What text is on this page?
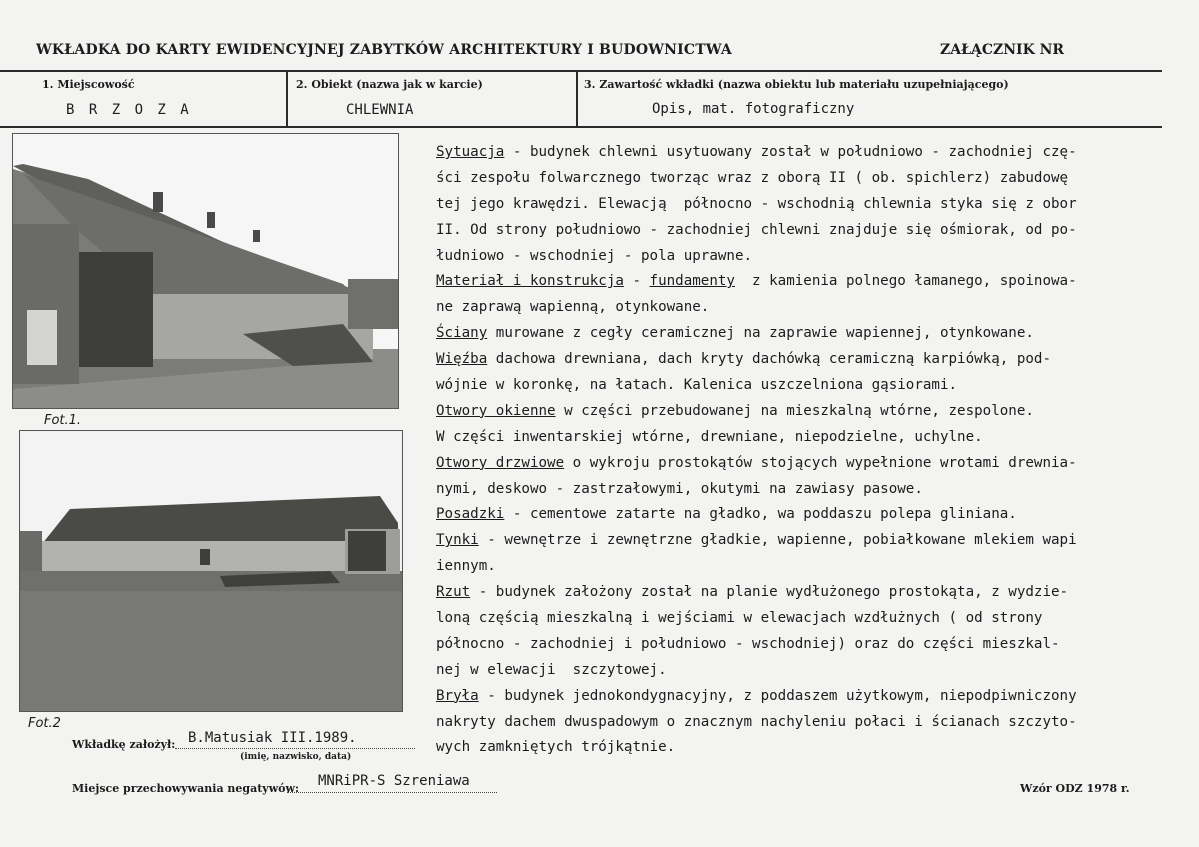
WKŁADKA DO KARTY EWIDENCYJNEJ ZABYTKÓW ARCHITEKTURY I BUDOWNICTWA	ZAŁĄCZNIK NR
1. Miejscowość
B R Z O Z A
2. Obiekt (nazwa jak w karcie)
CHLEWNIA
3. Zawartość wkładki (nazwa obiektu lub materiału uzupełniającego)
Opis, mat. fotograficzny
Fot.1.
Fot.2
Sytuacja - budynek chlewni usytuowany został w południowo - zachodniej czę-
ści zespołu folwarcznego tworząc wraz z oborą II ( ob. spichlerz) zabudowę
tej jego krawędzi. Elewacją  północno - wschodnią chlewnia styka się z obor
II. Od strony południowo - zachodniej chlewni znajduje się ośmiorak, od po-
łudniowo - wschodniej - pola uprawne.
Materiał i konstrukcja - fundamenty  z kamienia polnego łamanego, spoinowa-
ne zaprawą wapienną, otynkowane.
Ściany murowane z cegły ceramicznej na zaprawie wapiennej, otynkowane.
Więźba dachowa drewniana, dach kryty dachówką ceramiczną karpiówką, pod-
wójnie w koronkę, na łatach. Kalenica uszczelniona gąsiorami.
Otwory okienne w części przebudowanej na mieszkalną wtórne, zespolone.
W części inwentarskiej wtórne, drewniane, niepodzielne, uchylne.
Otwory drzwiowe o wykroju prostokątów stojących wypełnione wrotami drewnia-
nymi, deskowo - zastrzałowymi, okutymi na zawiasy pasowe.
Posadzki - cementowe zatarte na gładko, wa poddaszu polepa gliniana.
Tynki - wewnętrze i zewnętrzne gładkie, wapienne, pobiałkowane mlekiem wapi
iennym.
Rzut - budynek założony został na planie wydłużonego prostokąta, z wydzie-
loną częścią mieszkalną i wejściami w elewacjach wzdłużnych ( od strony
północno - zachodniej i południowo - wschodniej) oraz do części mieszkal-
nej w elewacji  szczytowej.
Bryła - budynek jednokondygnacyjny, z poddaszem użytkowym, niepodpiwniczony
nakryty dachem dwuspadowym o znacznym nachyleniu połaci i ścianach szczyto-
wych zamkniętych trójkątnie.
Wkładkę założył: B.Matusiak III.1989.
(imię, nazwisko, data)
Miejsce przechowywania negatywów: MNRiPR-S Szreniawa	Wzór ODZ 1978 r.
